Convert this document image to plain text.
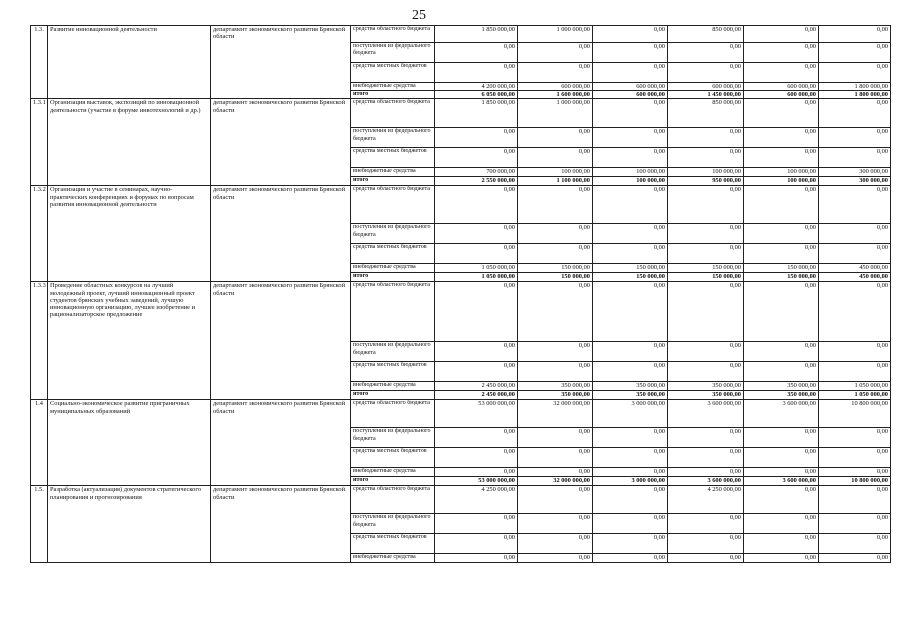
25
1.3.	Развитие инновационной деятельности	департамент экономического развития Брянской области	средства областного бюджета	1 850 000,00	1 000 000,00	0,00	850 000,00	0,00	0,00
			поступления из федерального бюджета	0,00	0,00	0,00	0,00	0,00	0,00
			средства местных бюджетов	0,00	0,00	0,00	0,00	0,00	0,00
			внебюджетные средства	4 200 000,00	600 000,00	600 000,00	600 000,00	600 000,00	1 800 000,00
			итого	6 050 000,00	1 600 000,00	600 000,00	1 450 000,00	600 000,00	1 800 000,00
1.3.1	Организация выставок, экспозиций по инновационной деятельности (участие в форуме инвотехнологий и др.)	департамент экономического развития Брянской области	средства областного бюджета	1 850 000,00	1 000 000,00	0,00	850 000,00	0,00	0,00
			поступления из федерального бюджета	0,00	0,00	0,00	0,00	0,00	0,00
			средства местных бюджетов	0,00	0,00	0,00	0,00	0,00	0,00
			внебюджетные средства	700 000,00	100 000,00	100 000,00	100 000,00	100 000,00	300 000,00
			итого	2 550 000,00	1 100 000,00	100 000,00	950 000,00	100 000,00	300 000,00
1.3.2	Организация и участие в семинарах, научно-практических конференциях и форумах по вопросам развития инновационной деятельности	департамент экономического развития Брянской области	средства областного бюджета	0,00	0,00	0,00	0,00	0,00	0,00
			поступления из федерального бюджета	0,00	0,00	0,00	0,00	0,00	0,00
			средства местных бюджетов	0,00	0,00	0,00	0,00	0,00	0,00
			внебюджетные средства	1 050 000,00	150 000,00	150 000,00	150 000,00	150 000,00	450 000,00
			итого	1 050 000,00	150 000,00	150 000,00	150 000,00	150 000,00	450 000,00
1.3.3	Проведение областных конкурсов на лучший молодежный проект, лучший инновационный проект студентов брянских учебных заведений, лучшую инновационную организацию, лучшее изобретение и рационализаторское предложение	департамент экономического развития Брянской области	средства областного бюджета	0,00	0,00	0,00	0,00	0,00	0,00
			поступления из федерального бюджета	0,00	0,00	0,00	0,00	0,00	0,00
			средства местных бюджетов	0,00	0,00	0,00	0,00	0,00	0,00
			внебюджетные средства	2 450 000,00	350 000,00	350 000,00	350 000,00	350 000,00	1 050 000,00
			итого	2 450 000,00	350 000,00	350 000,00	350 000,00	350 000,00	1 050 000,00
1.4	Социально-экономическое развитие приграничных муниципальных образований	департамент экономического развития Брянской области	средства областного бюджета	53 000 000,00	32 000 000,00	3 000 000,00	3 600 000,00	3 600 000,00	10 800 000,00
			поступления из федерального бюджета	0,00	0,00	0,00	0,00	0,00	0,00
			средства местных бюджетов	0,00	0,00	0,00	0,00	0,00	0,00
			внебюджетные средства	0,00	0,00	0,00	0,00	0,00	0,00
			итого	53 000 000,00	32 000 000,00	3 000 000,00	3 600 000,00	3 600 000,00	10 800 000,00
1.5.	Разработка (актуализация) документов стратегического планирования и прогнозирования	департамент экономического развития Брянской области	средства областного бюджета	4 250 000,00	0,00	0,00	4 250 000,00	0,00	0,00
			поступления из федерального бюджета	0,00	0,00	0,00	0,00	0,00	0,00
			средства местных бюджетов	0,00	0,00	0,00	0,00	0,00	0,00
			внебюджетные средства	0,00	0,00	0,00	0,00	0,00	0,00
